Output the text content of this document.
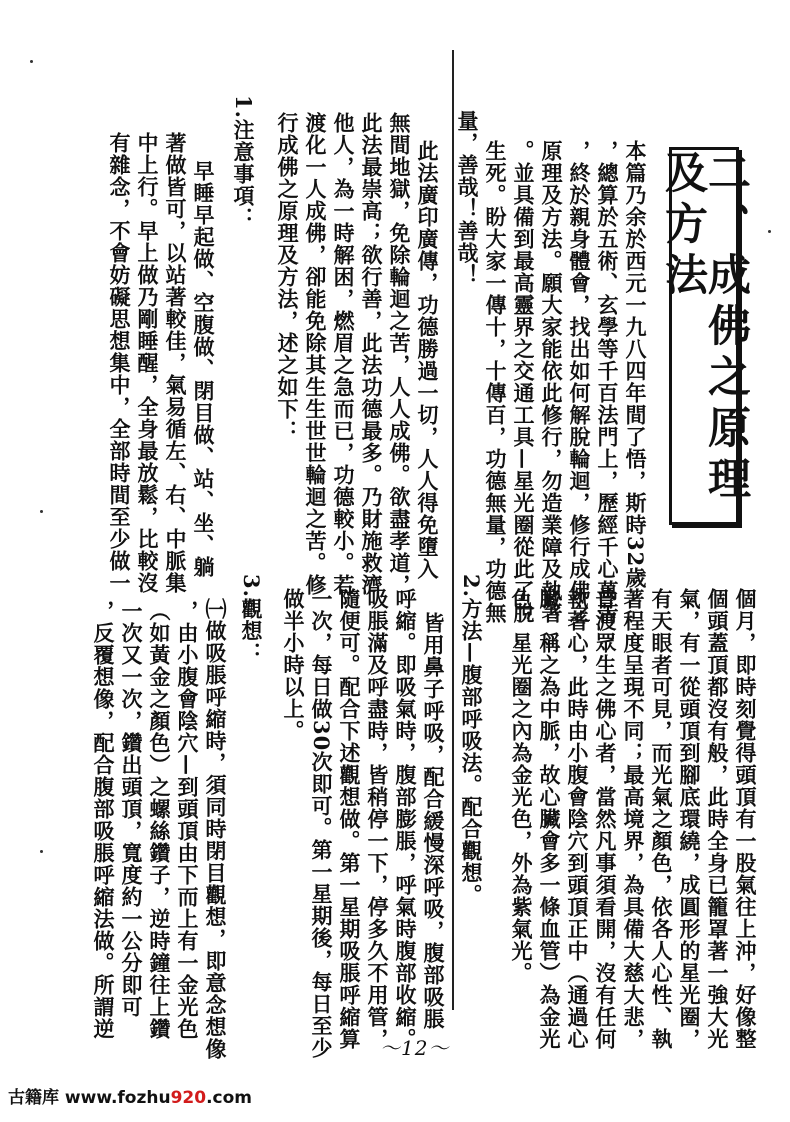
二、成佛之原理及方法
本篇乃余於西元一九八四年間了悟，斯時32歲
，總算於五術、玄學等千百法門上，歷經千心萬苦
，終於親身體會，找出如何解脫輪迴，修行成佛之
原理及方法。願大家能依此修行，勿造業障及執著
。並具備到最高靈界之交通工具—星光圈從此了脫
生死。盼大家一傳十，十傳百，功德無量，功德無
量，善哉！善哉！
此法廣印廣傳，功德勝過一切，人人得免墮入
無間地獄，免除輪迴之苦，人人成佛。欲盡孝道，
此法最崇高；欲行善，此法功德最多。乃財施救濟
他人，為一時解困，燃眉之急而已，功德較小。若
渡化一人成佛，卻能免除其生生世世輪迴之苦。修
行成佛之原理及方法，述之如下：
1.注意事項：
早睡早起做、空腹做、閉目做、站、坐、躺
著做皆可，以站著較佳，氣易循左、右、中脈集
中上行。早上做乃剛睡醒，全身最放鬆，比較沒
有雜念，不會妨礙思想集中，全部時間至少做一
個月，即時刻覺得頭頂有一股氣往上沖，好像整
個頭蓋頂都沒有般，此時全身已籠罩著一強大光
氣，有一從頭頂到腳底環繞，成圓形的星光圈，
有天眼者可見，而光氣之顏色，依各人心性、執
著程度呈現不同；最高境界，為具備大慈大悲，
普渡眾生之佛心者，當然凡事須看開，沒有任何
執著心，此時由小腹會陰穴到頭頂正中（通過心
臟，稱之為中脈，故心臟會多一條血管）為金光
色，星光圈之內為金光色，外為紫氣光。
2.方法—腹部呼吸法。配合觀想。
皆用鼻子呼吸，配合緩慢深呼吸，腹部吸脹
呼縮。即吸氣時，腹部膨脹，呼氣時腹部收縮。
吸脹滿及呼盡時，皆稍停一下，停多久不用管，
隨便可。配合下述觀想做。第一星期吸脹呼縮算
一次，每日做30次即可。第一星期後，每日至少
做半小時以上。
3.觀想：
㈠做吸脹呼縮時，須同時閉目觀想，即意念想像
，由小腹會陰穴—到頭頂由下而上有一金光色
（如黃金之顏色）之螺絲鑽子，逆時鐘往上鑽
一次又一次，鑽出頭頂，寬度約一公分即可
，反覆想像，配合腹部吸脹呼縮法做。所謂逆
～12～
古籍库 www.fozhu920.com
